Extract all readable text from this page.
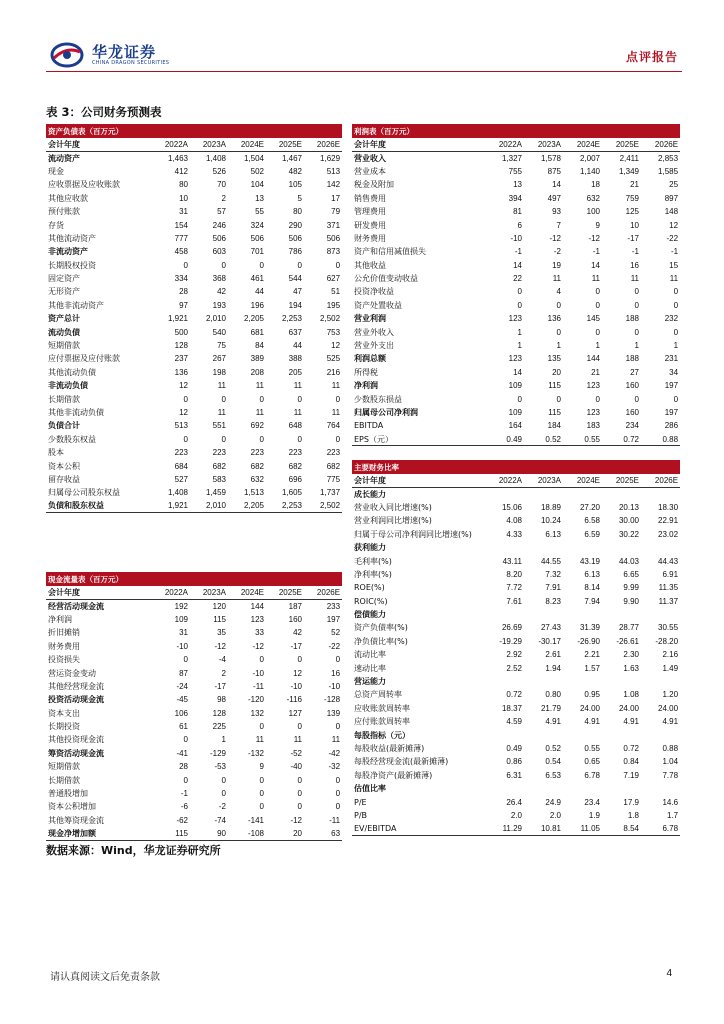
华龙证券
CHINA DRAGON SECURITIES	点评报告
表 3：公司财务预测表
资产负债表（百万元）					
会计年度	2022A	2023A	2024E	2025E	2026E
流动资产	1,463	1,408	1,504	1,467	1,629
现金	412	526	502	482	513
应收票据及应收账款	80	70	104	105	142
其他应收款	10	2	13	5	17
预付账款	31	57	55	80	79
存货	154	246	324	290	371
其他流动资产	777	506	506	506	506
非流动资产	458	603	701	786	873
长期股权投资	0	0	0	0	0
固定资产	334	368	461	544	627
无形资产	28	42	44	47	51
其他非流动资产	97	193	196	194	195
资产总计	1,921	2,010	2,205	2,253	2,502
流动负债	500	540	681	637	753
短期借款	128	75	84	44	12
应付票据及应付账款	237	267	389	388	525
其他流动负债	136	198	208	205	216
非流动负债	12	11	11	11	11
长期借款	0	0	0	0	0
其他非流动负债	12	11	11	11	11
负债合计	513	551	692	648	764
少数股东权益	0	0	0	0	0
股本	223	223	223	223	223
资本公积	684	682	682	682	682
留存收益	527	583	632	696	775
归属母公司股东权益	1,408	1,459	1,513	1,605	1,737
负债和股东权益	1,921	2,010	2,205	2,253	2,502
现金流量表（百万元）					
会计年度	2022A	2023A	2024E	2025E	2026E
经营活动现金流	192	120	144	187	233
净利润	109	115	123	160	197
折旧摊销	31	35	33	42	52
财务费用	-10	-12	-12	-17	-22
投资损失	0	-4	0	0	0
营运资金变动	87	2	-10	12	16
其他经营现金流	-24	-17	-11	-10	-10
投资活动现金流	-45	98	-120	-116	-128
资本支出	106	128	132	127	139
长期投资	61	225	0	0	0
其他投资现金流	0	1	11	11	11
筹资活动现金流	-41	-129	-132	-52	-42
短期借款	28	-53	9	-40	-32
长期借款	0	0	0	0	0
普通股增加	-1	0	0	0	0
资本公积增加	-6	-2	0	0	0
其他筹资现金流	-62	-74	-141	-12	-11
现金净增加额	115	90	-108	20	63
利润表（百万元）					
会计年度	2022A	2023A	2024E	2025E	2026E
营业收入	1,327	1,578	2,007	2,411	2,853
营业成本	755	875	1,140	1,349	1,585
税金及附加	13	14	18	21	25
销售费用	394	497	632	759	897
管理费用	81	93	100	125	148
研发费用	6	7	9	10	12
财务费用	-10	-12	-12	-17	-22
资产和信用减值损失	-1	-2	-1	-1	-1
其他收益	14	19	14	16	15
公允价值变动收益	22	11	11	11	11
投资净收益	0	4	0	0	0
资产处置收益	0	0	0	0	0
营业利润	123	136	145	188	232
营业外收入	1	0	0	0	0
营业外支出	1	1	1	1	1
利润总额	123	135	144	188	231
所得税	14	20	21	27	34
净利润	109	115	123	160	197
少数股东损益	0	0	0	0	0
归属母公司净利润	109	115	123	160	197
EBITDA	164	184	183	234	286
EPS（元）	0.49	0.52	0.55	0.72	0.88
主要财务比率					
会计年度	2022A	2023A	2024E	2025E	2026E
成长能力					
营业收入同比增速(%)	15.06	18.89	27.20	20.13	18.30
营业利润同比增速(%)	4.08	10.24	6.58	30.00	22.91
归属于母公司净利润同比增速(%)	4.33	6.13	6.59	30.22	23.02
获利能力					
毛利率(%)	43.11	44.55	43.19	44.03	44.43
净利率(%)	8.20	7.32	6.13	6.65	6.91
ROE(%)	7.72	7.91	8.14	9.99	11.35
ROIC(%)	7.61	8.23	7.94	9.90	11.37
偿债能力					
资产负债率(%)	26.69	27.43	31.39	28.77	30.55
净负债比率(%)	-19.29	-30.17	-26.90	-26.61	-28.20
流动比率	2.92	2.61	2.21	2.30	2.16
速动比率	2.52	1.94	1.57	1.63	1.49
营运能力					
总资产周转率	0.72	0.80	0.95	1.08	1.20
应收账款周转率	18.37	21.79	24.00	24.00	24.00
应付账款周转率	4.59	4.91	4.91	4.91	4.91
每股指标（元）					
每股收益(最新摊薄)	0.49	0.52	0.55	0.72	0.88
每股经营现金流(最新摊薄)	0.86	0.54	0.65	0.84	1.04
每股净资产(最新摊薄)	6.31	6.53	6.78	7.19	7.78
估值比率					
P/E	26.4	24.9	23.4	17.9	14.6
P/B	2.0	2.0	1.9	1.8	1.7
EV/EBITDA	11.29	10.81	11.05	8.54	6.78
数据来源：Wind，华龙证券研究所
请认真阅读文后免责条款	4
